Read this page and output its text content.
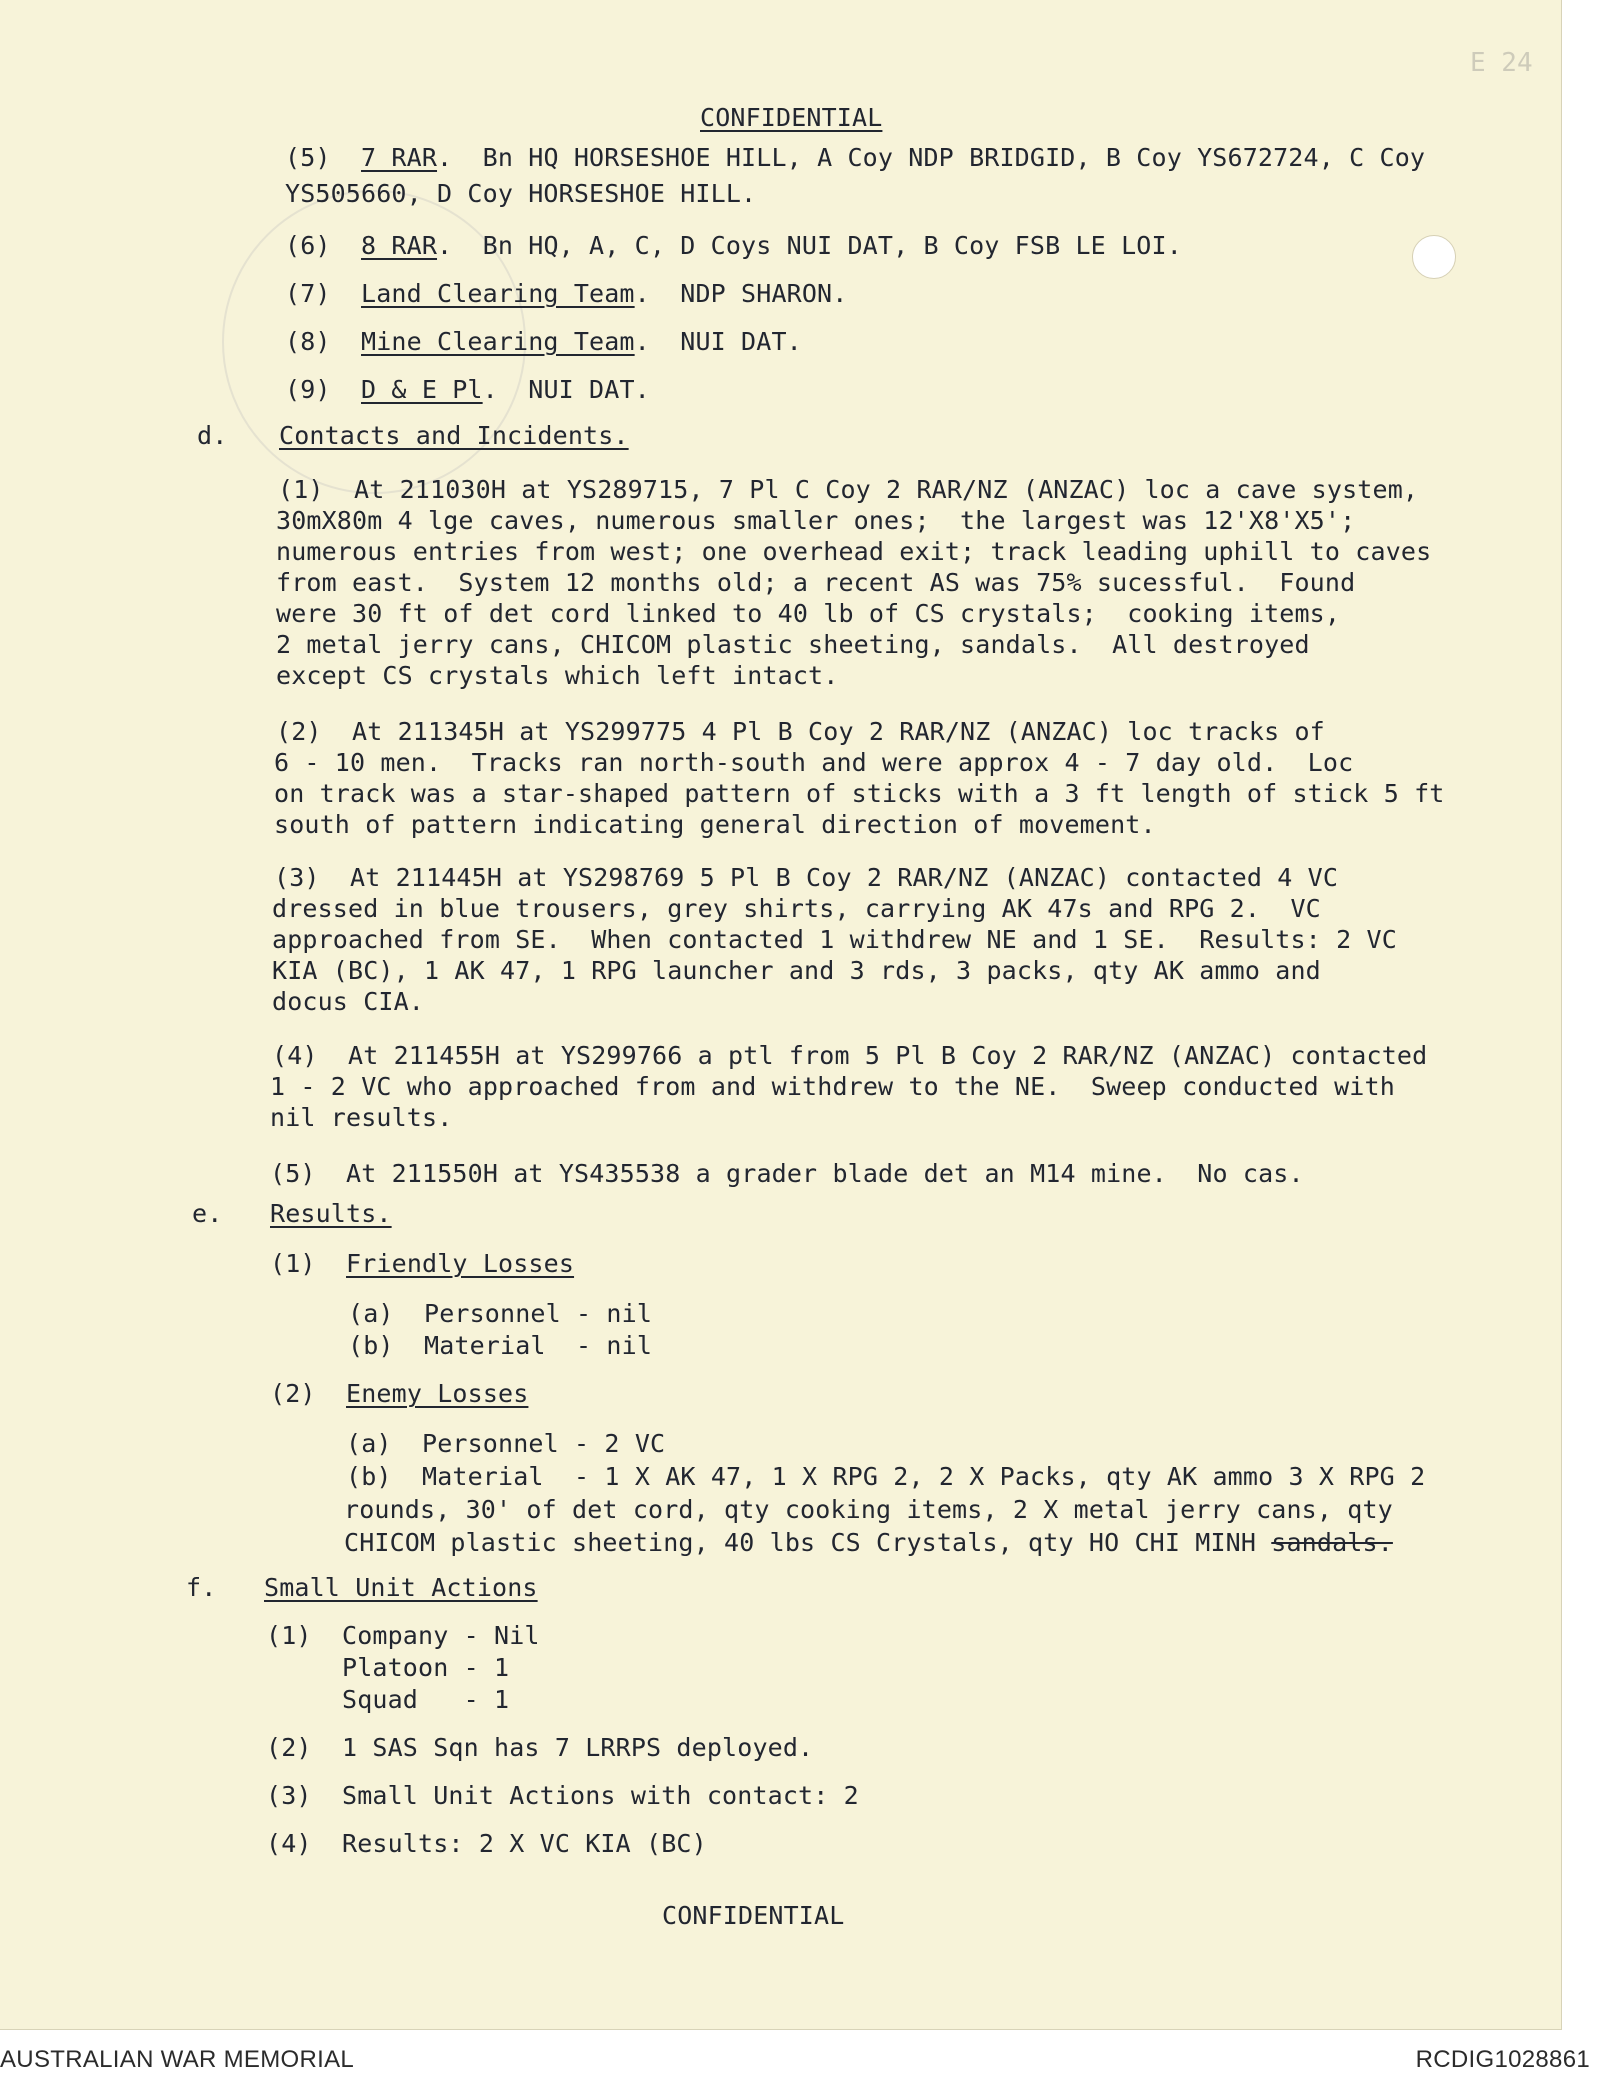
E 24
CONFIDENTIAL
(5) 7 RAR.  Bn HQ HORSESHOE HILL, A Coy NDP BRIDGID, B Coy YS672724, C Coy
YS505660, D Coy HORSESHOE HILL.
(6) 8 RAR.  Bn HQ, A, C, D Coys NUI DAT, B Coy FSB LE LOI.
(7) Land Clearing Team.  NDP SHARON.
(8) Mine Clearing Team.  NUI DAT.
(9) D & E Pl.  NUI DAT.
d. Contacts and Incidents.
(1)  At 211030H at YS289715, 7 Pl C Coy 2 RAR/NZ (ANZAC) loc a cave system,
30mX80m 4 lge caves, numerous smaller ones;  the largest was 12'X8'X5';
numerous entries from west; one overhead exit; track leading uphill to caves
from east.  System 12 months old; a recent AS was 75% sucessful.  Found
were 30 ft of det cord linked to 40 lb of CS crystals;  cooking items,
2 metal jerry cans, CHICOM plastic sheeting, sandals.  All destroyed
except CS crystals which left intact.
(2)  At 211345H at YS299775 4 Pl B Coy 2 RAR/NZ (ANZAC) loc tracks of
6 - 10 men.  Tracks ran north-south and were approx 4 - 7 day old.  Loc
on track was a star-shaped pattern of sticks with a 3 ft length of stick 5 ft
south of pattern indicating general direction of movement.
(3)  At 211445H at YS298769 5 Pl B Coy 2 RAR/NZ (ANZAC) contacted 4 VC
dressed in blue trousers, grey shirts, carrying AK 47s and RPG 2.  VC
approached from SE.  When contacted 1 withdrew NE and 1 SE.  Results: 2 VC
KIA (BC), 1 AK 47, 1 RPG launcher and 3 rds, 3 packs, qty AK ammo and
docus CIA.
(4)  At 211455H at YS299766 a ptl from 5 Pl B Coy 2 RAR/NZ (ANZAC) contacted
1 - 2 VC who approached from and withdrew to the NE.  Sweep conducted with
nil results.
(5)  At 211550H at YS435538 a grader blade det an M14 mine.  No cas.
e. Results.
(1) Friendly Losses
(a)  Personnel - nil
(b)  Material  - nil
(2) Enemy Losses
(a)  Personnel - 2 VC
(b)  Material  - 1 X AK 47, 1 X RPG 2, 2 X Packs, qty AK ammo 3 X RPG 2
rounds, 30' of det cord, qty cooking items, 2 X metal jerry cans, qty
CHICOM plastic sheeting, 40 lbs CS Crystals, qty HO CHI MINH sandals.
f. Small Unit Actions
(1)  Company - Nil
Platoon - 1
Squad   - 1
(2)  1 SAS Sqn has 7 LRRPS deployed.
(3)  Small Unit Actions with contact: 2
(4)  Results: 2 X VC KIA (BC)
CONFIDENTIAL
AUSTRALIAN WAR MEMORIAL	RCDIG1028861
